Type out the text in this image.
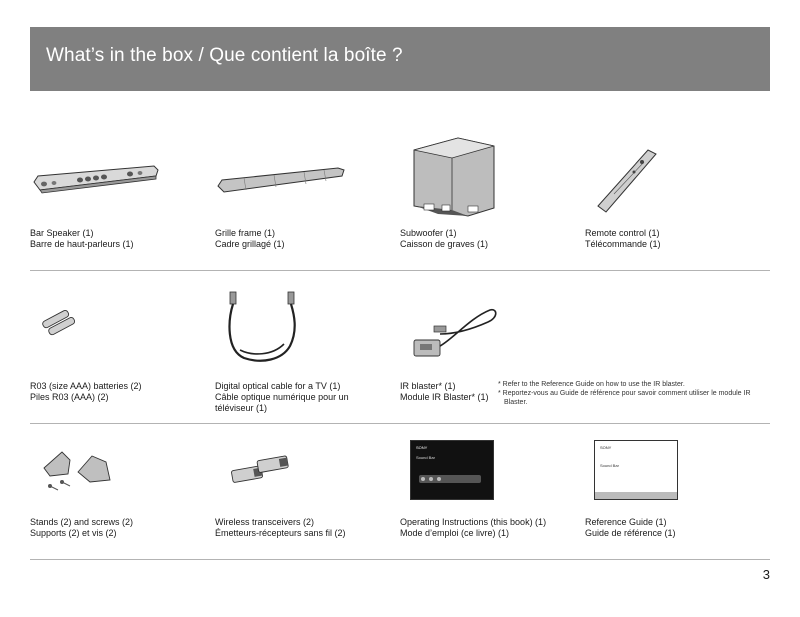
What’s in the box / Que contient la boîte ?
Bar Speaker (1)
Barre de haut-parleurs (1)
Grille frame (1)
Cadre grillagé (1)
Subwoofer (1)
Caisson de graves (1)
Remote control (1)
Télécommande (1)
R03 (size AAA) batteries (2)
Piles R03 (AAA) (2)
Digital optical cable for a TV (1)
Câble optique numérique pour un téléviseur (1)
IR blaster* (1)
Module IR Blaster* (1)
* Refer to the Reference Guide on how to use the IR blaster.
* Reportez-vous au Guide de référence pour savoir comment utiliser le module IR Blaster.
Stands (2) and screws (2)
Supports (2) et vis (2)
Wireless transceivers (2)
Émetteurs-récepteurs sans fil (2)
SONY
Sound Bar
Operating Instructions (this book) (1)
Mode d’emploi (ce livre) (1)
SONY
Sound Bar
Reference Guide (1)
Guide de référence (1)
3
